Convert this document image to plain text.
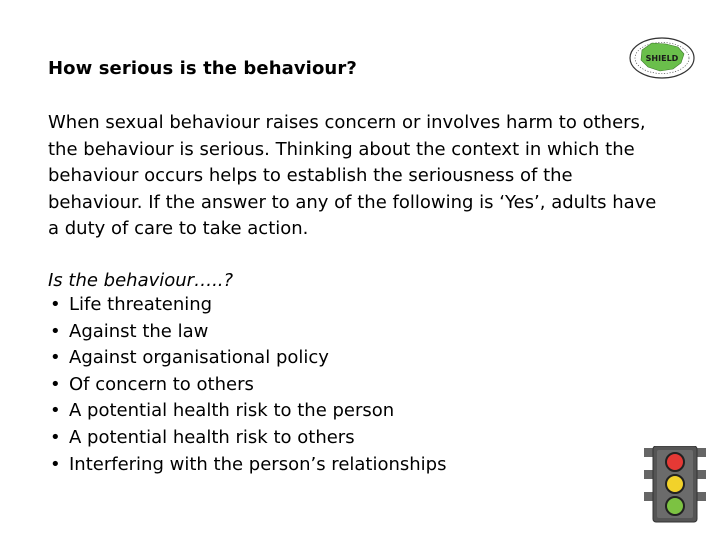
How serious is the behaviour?

When sexual behaviour raises concern or involves harm to others, the behaviour is serious. Thinking about the context in which the behaviour occurs helps to establish the seriousness of the behaviour. If the answer to any of the following is ‘Yes’, adults have a duty of care to take action.

Is the behaviour…..?
• Life threatening
• Against the law
• Against organisational policy
• Of concern to others
• A potential health risk to the person
• A potential health risk to others
• Interfering with the person’s relationships
SHIELD
